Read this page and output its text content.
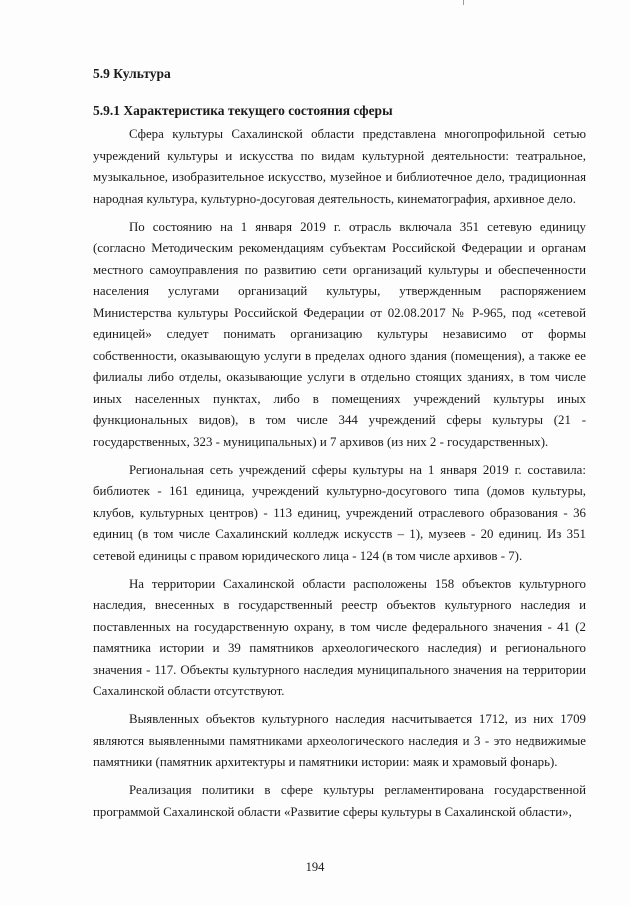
5.9 Культура
5.9.1 Характеристика текущего состояния сферы

Сфера культуры Сахалинской области представлена многопрофильной сетью учреждений культуры и искусства по видам культурной деятельности: театральное, музыкальное, изобразительное искусство, музейное и библиотечное дело, традиционная народная культура, культурно-досуговая деятельность, кинематография, архивное дело.

По состоянию на 1 января 2019 г. отрасль включала 351 сетевую единицу (согласно Методическим рекомендациям субъектам Российской Федерации и органам местного самоуправления по развитию сети организаций культуры и обеспеченности населения услугами организаций культуры, утвержденным распоряжением Министерства культуры Российской Федерации от 02.08.2017 № Р-965, под «сетевой единицей» следует понимать организацию культуры независимо от формы собственности, оказывающую услуги в пределах одного здания (помещения), а также ее филиалы либо отделы, оказывающие услуги в отдельно стоящих зданиях, в том числе иных населенных пунктах, либо в помещениях учреждений культуры иных функциональных видов), в том числе 344 учреждений сферы культуры (21 - государственных, 323 - муниципальных) и 7 архивов (из них 2 - государственных).

Региональная сеть учреждений сферы культуры на 1 января 2019 г. составила: библиотек - 161 единица, учреждений культурно-досугового типа (домов культуры, клубов, культурных центров) - 113 единиц, учреждений отраслевого образования - 36 единиц (в том числе Сахалинский колледж искусств – 1), музеев - 20 единиц. Из 351 сетевой единицы с правом юридического лица - 124 (в том числе архивов - 7).

На территории Сахалинской области расположены 158 объектов культурного наследия, внесенных в государственный реестр объектов культурного наследия и поставленных на государственную охрану, в том числе федерального значения - 41 (2 памятника истории и 39 памятников археологического наследия) и регионального значения - 117. Объекты культурного наследия муниципального значения на территории Сахалинской области отсутствуют.

Выявленных объектов культурного наследия насчитывается 1712, из них 1709 являются выявленными памятниками археологического наследия и 3 - это недвижимые памятники (памятник архитектуры и памятники истории: маяк и храмовый фонарь).

Реализация политики в сфере культуры регламентирована государственной программой Сахалинской области «Развитие сферы культуры в Сахалинской области»,

194
